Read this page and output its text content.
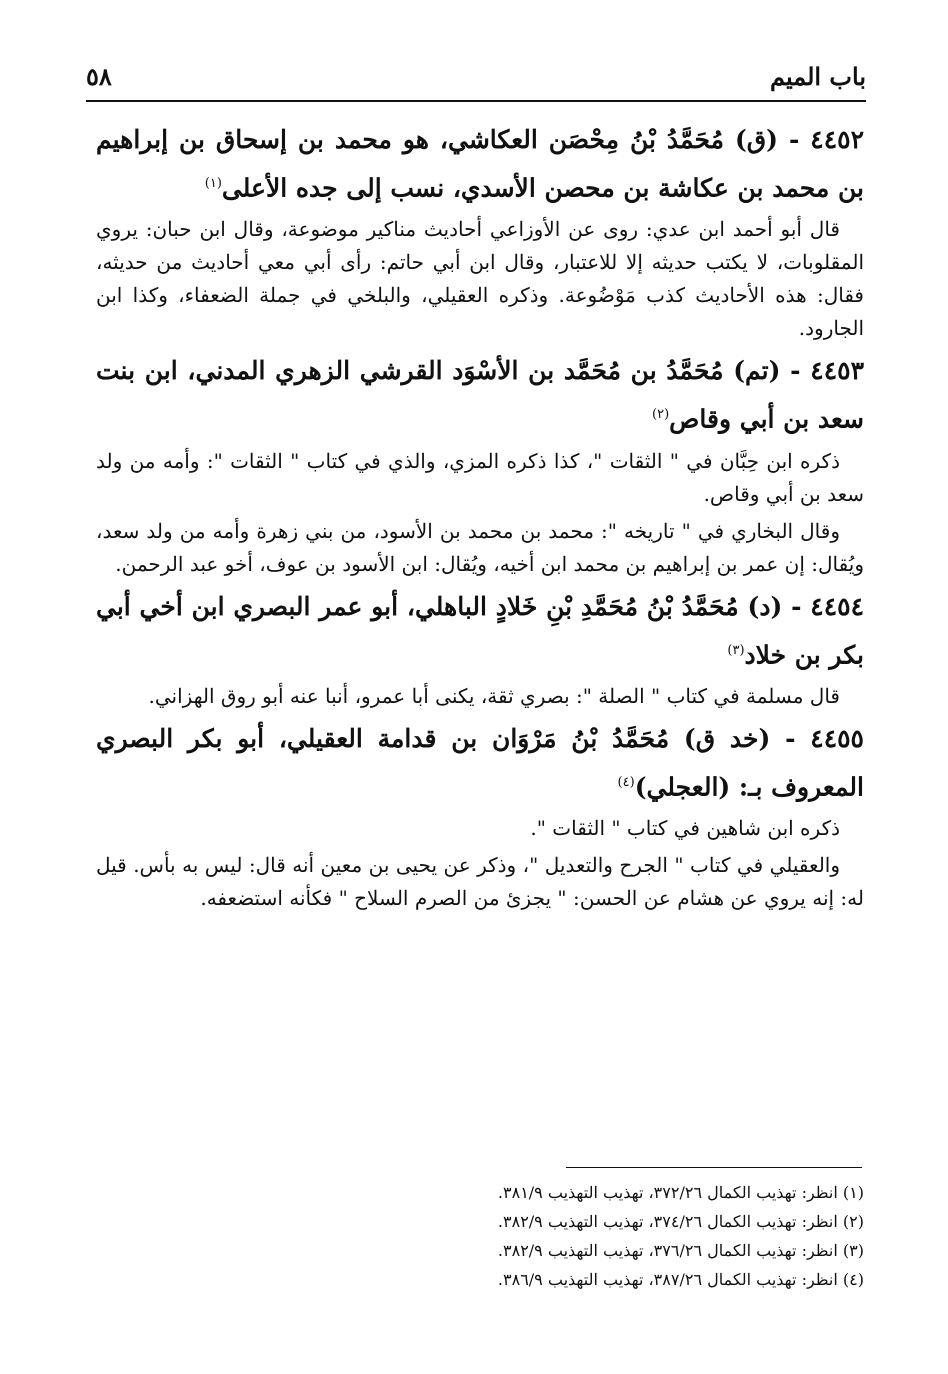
باب الميم
٥٨

٤٤٥٢ - (ق) مُحَمَّدُ بْنُ مِحْصَن العكاشي، هو محمد بن إسحاق بن إبراهيم بن محمد بن عكاشة بن محصن الأسدي، نسب إلى جده الأعلى$^{(١)}$

قال أبو أحمد ابن عدي: روى عن الأوزاعي أحاديث مناكير موضوعة، وقال ابن حبان: يروي المقلوبات، لا يكتب حديثه إلا للاعتبار، وقال ابن أبي حاتم: رأى أبي معي أحاديث من حديثه، فقال: هذه الأحاديث كذب مَوْضُوعة. وذكره العقيلي، والبلخي في جملة الضعفاء، وكذا ابن الجارود.

٤٤٥٣ - (تم) مُحَمَّدُ بن مُحَمَّد بن الأسْوَد القرشي الزهري المدني، ابن بنت سعد بن أبي وقاص$^{(٢)}$

ذكره ابن حِبَّان في " الثقات "، كذا ذكره المزي، والذي في كتاب " الثقات ": وأمه من ولد سعد بن أبي وقاص.

وقال البخاري في " تاريخه ": محمد بن محمد بن الأسود، من بني زهرة وأمه من ولد سعد، ويُقال: إن عمر بن إبراهيم بن محمد ابن أخيه، ويُقال: ابن الأسود بن عوف، أخو عبد الرحمن.

٤٤٥٤ - (د) مُحَمَّدُ بْنُ مُحَمَّدِ بْنِ خَلادٍ الباهلي، أبو عمر البصري ابن أخي أبي بكر بن خلاد$^{(٣)}$

قال مسلمة في كتاب " الصلة ": بصري ثقة، يكنى أبا عمرو، أنبا عنه أبو روق الهزاني.

٤٤٥٥ - (خد ق) مُحَمَّدُ بْنُ مَرْوَان بن قدامة العقيلي، أبو بكر البصري المعروف بـ: (العجلي)$^{(٤)}$

ذكره ابن شاهين في كتاب " الثقات ".

والعقيلي في كتاب " الجرح والتعديل "، وذكر عن يحيى بن معين أنه قال: ليس به بأس. قيل له: إنه يروي عن هشام عن الحسن: " يجزئ من الصرم السلاح " فكأنه استضعفه.

(١) انظر: تهذيب الكمال ٣٧٢/٢٦، تهذيب التهذيب ٣٨١/٩.

(٢) انظر: تهذيب الكمال ٣٧٤/٢٦، تهذيب التهذيب ٣٨٢/٩.

(٣) انظر: تهذيب الكمال ٣٧٦/٢٦، تهذيب التهذيب ٣٨٢/٩.

(٤) انظر: تهذيب الكمال ٣٨٧/٢٦، تهذيب التهذيب ٣٨٦/٩.
